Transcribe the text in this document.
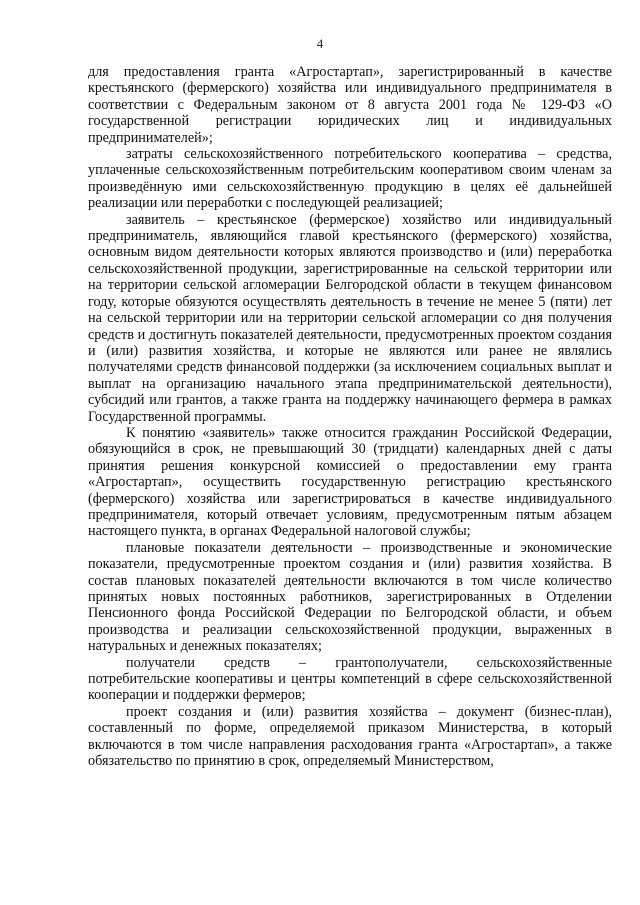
4

для предоставления гранта «Агростартап», зарегистрированный в качестве крестьянского (фермерского) хозяйства или индивидуального предпринимателя в соответствии с Федеральным законом от 8 августа 2001 года № 129-ФЗ «О государственной регистрации юридических лиц и индивидуальных предпринимателей»;

затраты сельскохозяйственного потребительского кооператива – средства, уплаченные сельскохозяйственным потребительским кооперативом своим членам за произведённую ими сельскохозяйственную продукцию в целях её дальнейшей реализации или переработки с последующей реализацией;

заявитель – крестьянское (фермерское) хозяйство или индивидуальный предприниматель, являющийся главой крестьянского (фермерского) хозяйства, основным видом деятельности которых являются производство и (или) переработка сельскохозяйственной продукции, зарегистрированные на сельской территории или на территории сельской агломерации Белгородской области в текущем финансовом году, которые обязуются осуществлять деятельность в течение не менее 5 (пяти) лет на сельской территории или на территории сельской агломерации со дня получения средств и достигнуть показателей деятельности, предусмотренных проектом создания и (или) развития хозяйства, и которые не являются или ранее не являлись получателями средств финансовой поддержки (за исключением социальных выплат и выплат на организацию начального этапа предпринимательской деятельности), субсидий или грантов, а также гранта на поддержку начинающего фермера в рамках Государственной программы.

К понятию «заявитель» также относится гражданин Российской Федерации, обязующийся в срок, не превышающий 30 (тридцати) календарных дней с даты принятия решения конкурсной комиссией о предоставлении ему гранта «Агростартап», осуществить государственную регистрацию крестьянского (фермерского) хозяйства или зарегистрироваться в качестве индивидуального предпринимателя, который отвечает условиям, предусмотренным пятым абзацем настоящего пункта, в органах Федеральной налоговой службы;

плановые показатели деятельности – производственные и экономические показатели, предусмотренные проектом создания и (или) развития хозяйства. В состав плановых показателей деятельности включаются в том числе количество принятых новых постоянных работников, зарегистрированных в Отделении Пенсионного фонда Российской Федерации по Белгородской области, и объем производства и реализации сельскохозяйственной продукции, выраженных в натуральных и денежных показателях;

получатели средств – грантополучатели, сельскохозяйственные потребительские кооперативы и центры компетенций в сфере сельскохозяйственной кооперации и поддержки фермеров;

проект создания и (или) развития хозяйства – документ (бизнес-план), составленный по форме, определяемой приказом Министерства, в который включаются в том числе направления расходования гранта «Агростартап», а также обязательство по принятию в срок, определяемый Министерством,
